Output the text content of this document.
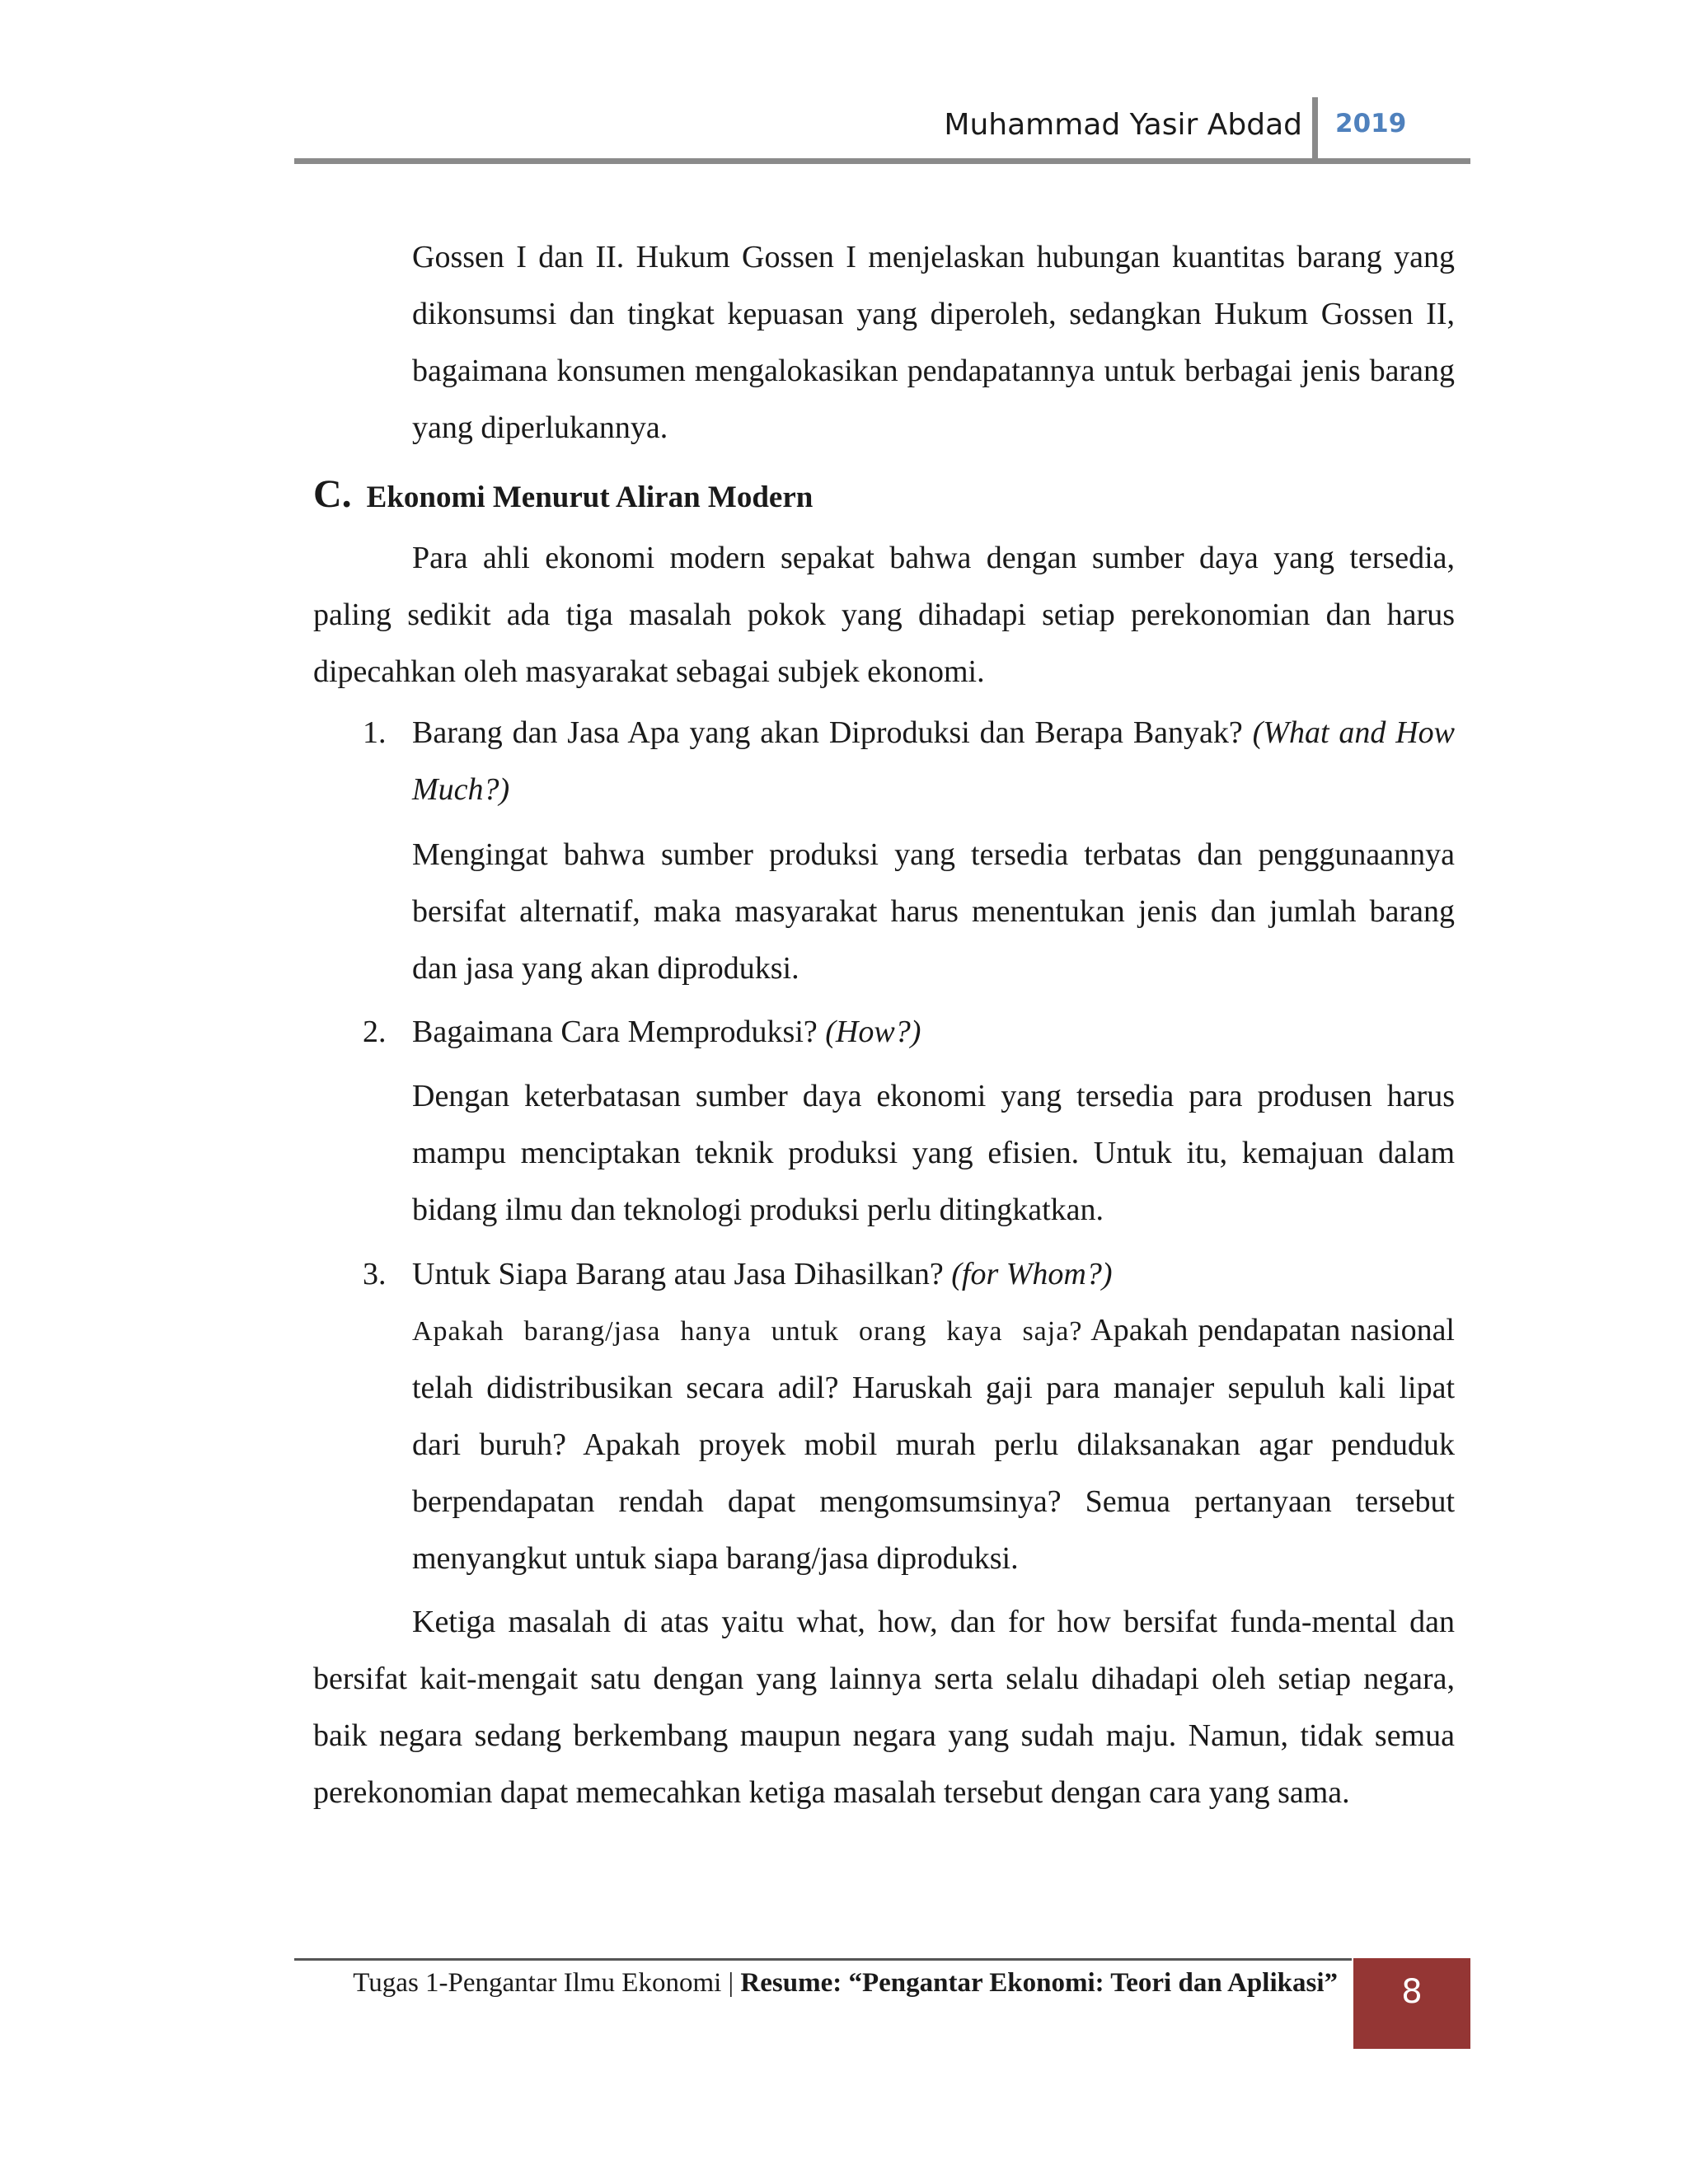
Muhammad Yasir Abdad 2019

Gossen I dan II. Hukum Gossen I menjelaskan hubungan kuantitas barang yang dikonsumsi dan tingkat kepuasan yang diperoleh, sedangkan Hukum Gossen II, bagaimana konsumen mengalokasikan pendapatannya untuk berbagai jenis barang yang diperlukannya.

C. Ekonomi Menurut Aliran Modern

Para ahli ekonomi modern sepakat bahwa dengan sumber daya yang tersedia, paling sedikit ada tiga masalah pokok yang dihadapi setiap perekonomian dan harus dipecahkan oleh masyarakat sebagai subjek ekonomi.

1. Barang dan Jasa Apa yang akan Diproduksi dan Berapa Banyak? (What and How Much?)

Mengingat bahwa sumber produksi yang tersedia terbatas dan penggunaannya bersifat alternatif, maka masyarakat harus menentukan jenis dan jumlah barang dan jasa yang akan diproduksi.

2. Bagaimana Cara Memproduksi? (How?)

Dengan keterbatasan sumber daya ekonomi yang tersedia para produsen harus mampu menciptakan teknik produksi yang efisien. Untuk itu, kemajuan dalam bidang ilmu dan teknologi produksi perlu ditingkatkan.

3. Untuk Siapa Barang atau Jasa Dihasilkan? (for Whom?)

Apakah barang/jasa hanya untuk orang kaya saja? Apakah pendapatan nasional telah didistribusikan secara adil? Haruskah gaji para manajer sepuluh kali lipat dari buruh? Apakah proyek mobil murah perlu dilaksanakan agar penduduk berpendapatan rendah dapat mengomsumsinya? Semua pertanyaan tersebut menyangkut untuk siapa barang/jasa diproduksi.

Ketiga masalah di atas yaitu what, how, dan for how bersifat funda-mental dan bersifat kait-mengait satu dengan yang lainnya serta selalu dihadapi oleh setiap negara, baik negara sedang berkembang maupun negara yang sudah maju. Namun, tidak semua perekonomian dapat memecahkan ketiga masalah tersebut dengan cara yang sama.

Tugas 1-Pengantar Ilmu Ekonomi | Resume: “Pengantar Ekonomi: Teori dan Aplikasi”	8
